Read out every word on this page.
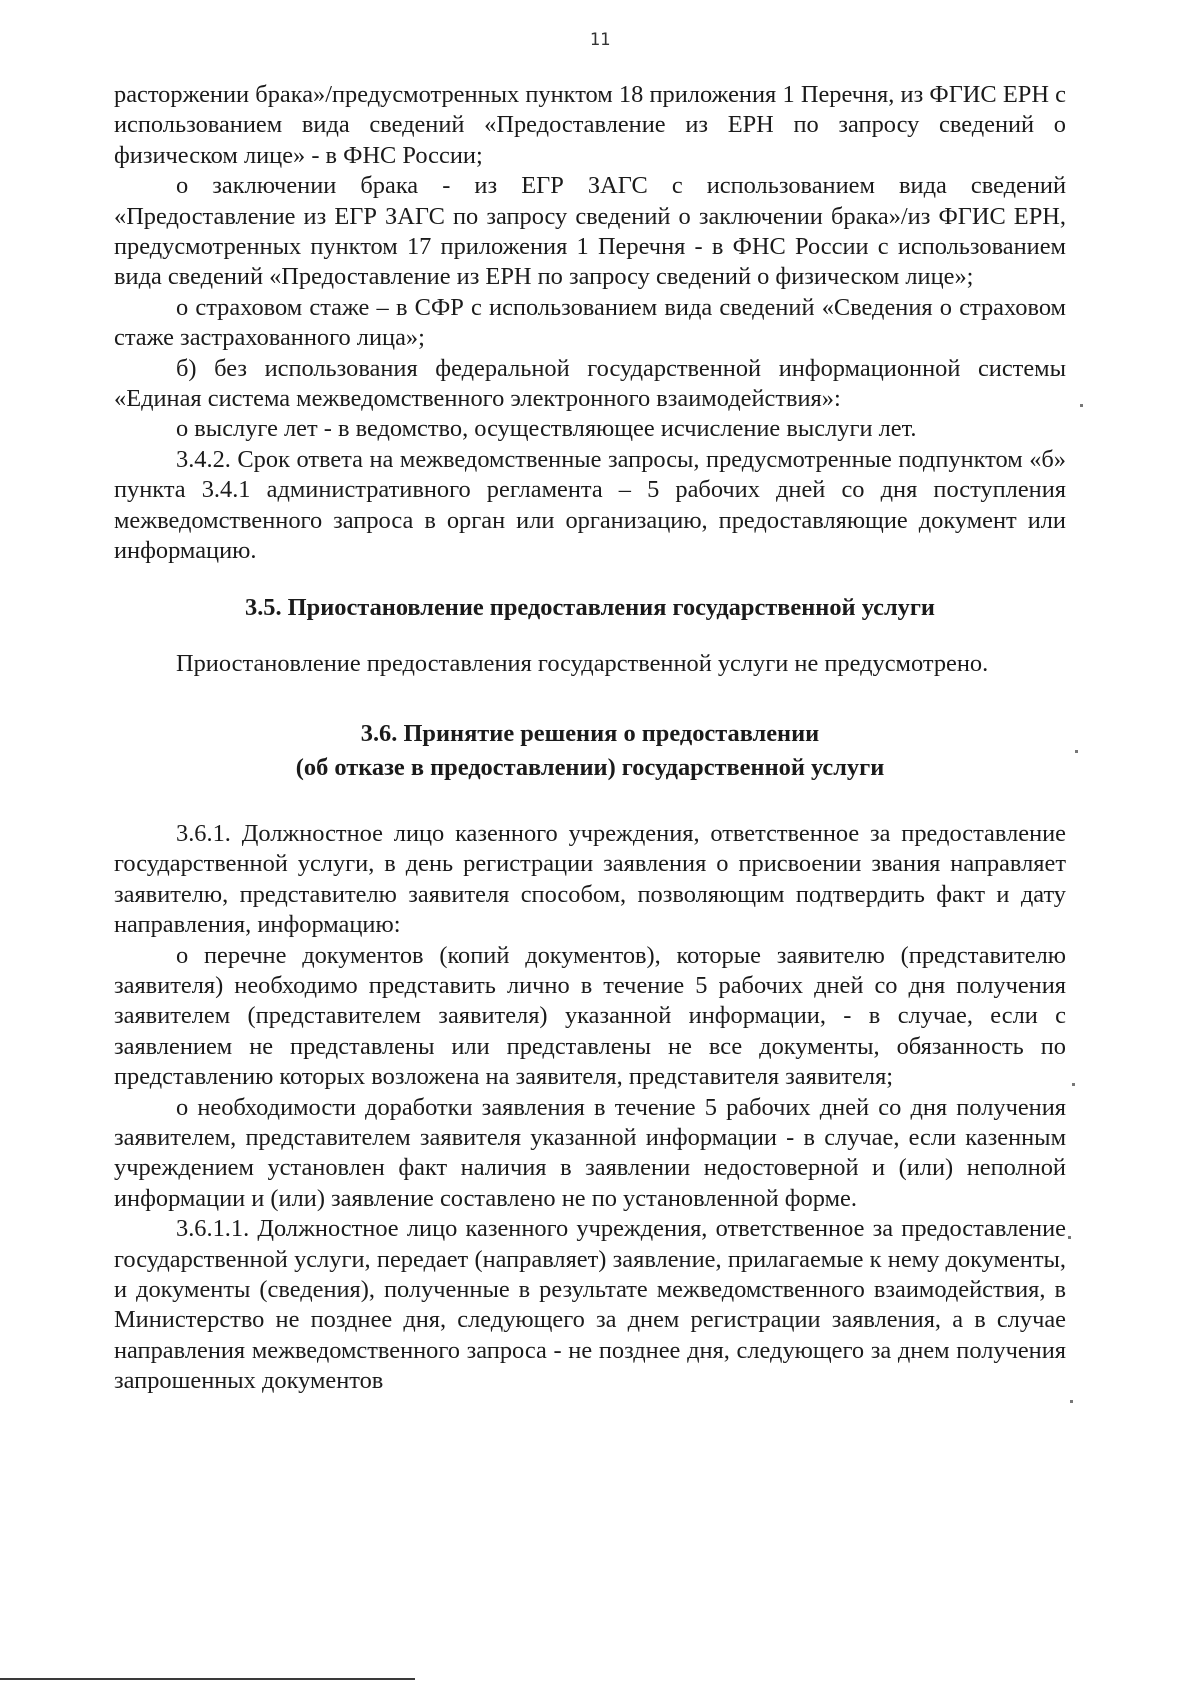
11

расторжении брака»/предусмотренных пунктом 18 приложения 1 Перечня, из ФГИС ЕРН с использованием вида сведений «Предоставление из ЕРН по запросу сведений о физическом лице» - в ФНС России;

о заключении брака - из ЕГР ЗАГС с использованием вида сведений «Предоставление из ЕГР ЗАГС по запросу сведений о заключении брака»/из ФГИС ЕРН, предусмотренных пунктом 17 приложения 1 Перечня - в ФНС России с использованием вида сведений «Предоставление из ЕРН по запросу сведений о физическом лице»;

о страховом стаже – в СФР с использованием вида сведений «Сведения о страховом стаже застрахованного лица»;

б) без использования федеральной государственной информационной системы «Единая система межведомственного электронного взаимодействия»:

о выслуге лет - в ведомство, осуществляющее исчисление выслуги лет.

3.4.2. Срок ответа на межведомственные запросы, предусмотренные подпунктом «б» пункта 3.4.1 административного регламента – 5 рабочих дней со дня поступления межведомственного запроса в орган или организацию, предоставляющие документ или информацию.

3.5. Приостановление предоставления государственной услуги

Приостановление предоставления государственной услуги не предусмотрено.

3.6. Принятие решения о предоставлении

(об отказе в предоставлении) государственной услуги

3.6.1. Должностное лицо казенного учреждения, ответственное за предоставление государственной услуги, в день регистрации заявления о присвоении звания направляет заявителю, представителю заявителя способом, позволяющим подтвердить факт и дату направления, информацию:

о перечне документов (копий документов), которые заявителю (представителю заявителя) необходимо представить лично в течение 5 рабочих дней со дня получения заявителем (представителем заявителя) указанной информации, - в случае, если с заявлением не представлены или представлены не все документы, обязанность по представлению которых возложена на заявителя, представителя заявителя;

о необходимости доработки заявления в течение 5 рабочих дней со дня получения заявителем, представителем заявителя указанной информации - в случае, если казенным учреждением установлен факт наличия в заявлении недостоверной и (или) неполной информации и (или) заявление составлено не по установленной форме.

3.6.1.1. Должностное лицо казенного учреждения, ответственное за предоставление государственной услуги, передает (направляет) заявление, прилагаемые к нему документы, и документы (сведения), полученные в результате межведомственного взаимодействия, в Министерство не позднее дня, следующего за днем регистрации заявления, а в случае направления межведомственного запроса - не позднее дня, следующего за днем получения запрошенных документов
